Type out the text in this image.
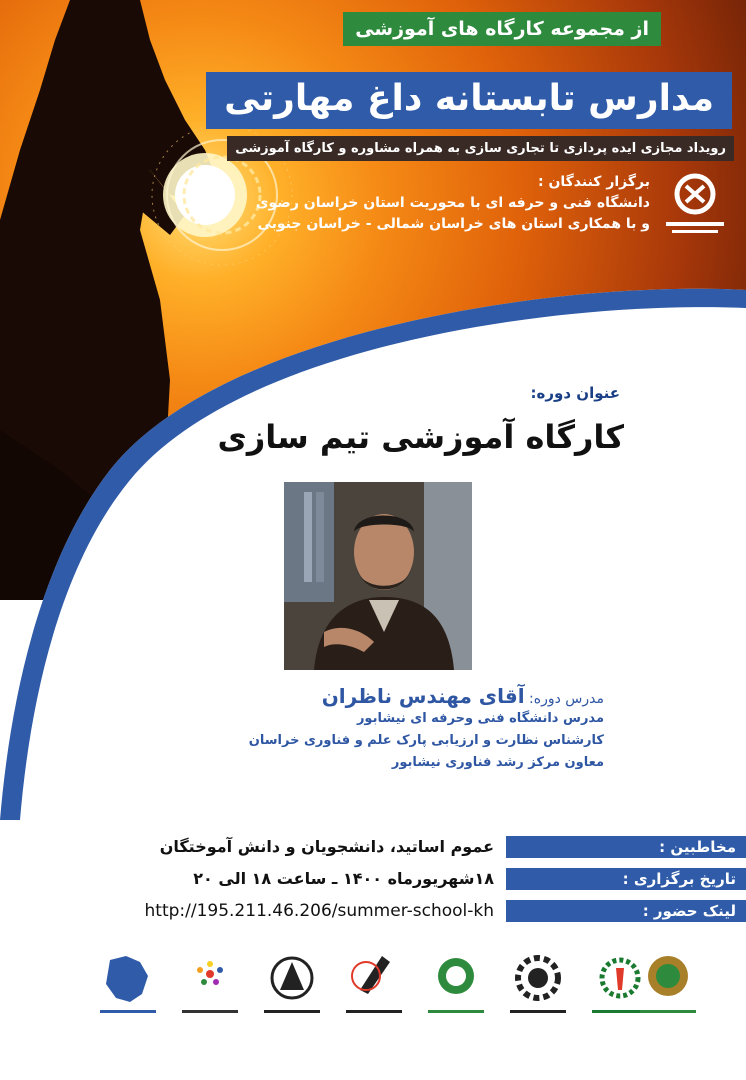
از مجموعه کارگاه های آموزشی
مدارس تابستانه داغ مهارتی
رویداد مجازی ایده پردازی تا تجاری سازی به همراه مشاوره و کارگاه آموزشی
برگزار کنندگان :
دانشگاه فنی و حرفه ای با محوریت استان خراسان رضوی
و با همکاری استان های خراسان شمالی - خراسان جنوبی
عنوان دوره:
کارگاه آموزشی تیم سازی
مدرس دوره: آقای مهندس ناظران
مدرس دانشگاه فنی وحرفه ای نیشابور
کارشناس نظارت و ارزیابی پارک علم و فناوری خراسان
معاون مرکز رشد فناوری نیشابور
مخاطبین :
عموم اساتید، دانشجویان و دانش آموختگان
تاریخ برگزاری :
۱۸شهریورماه ۱۴۰۰ ـ ساعت ۱۸ الی ۲۰
لینک حضور :
http://195.211.46.206/summer-school-kh
